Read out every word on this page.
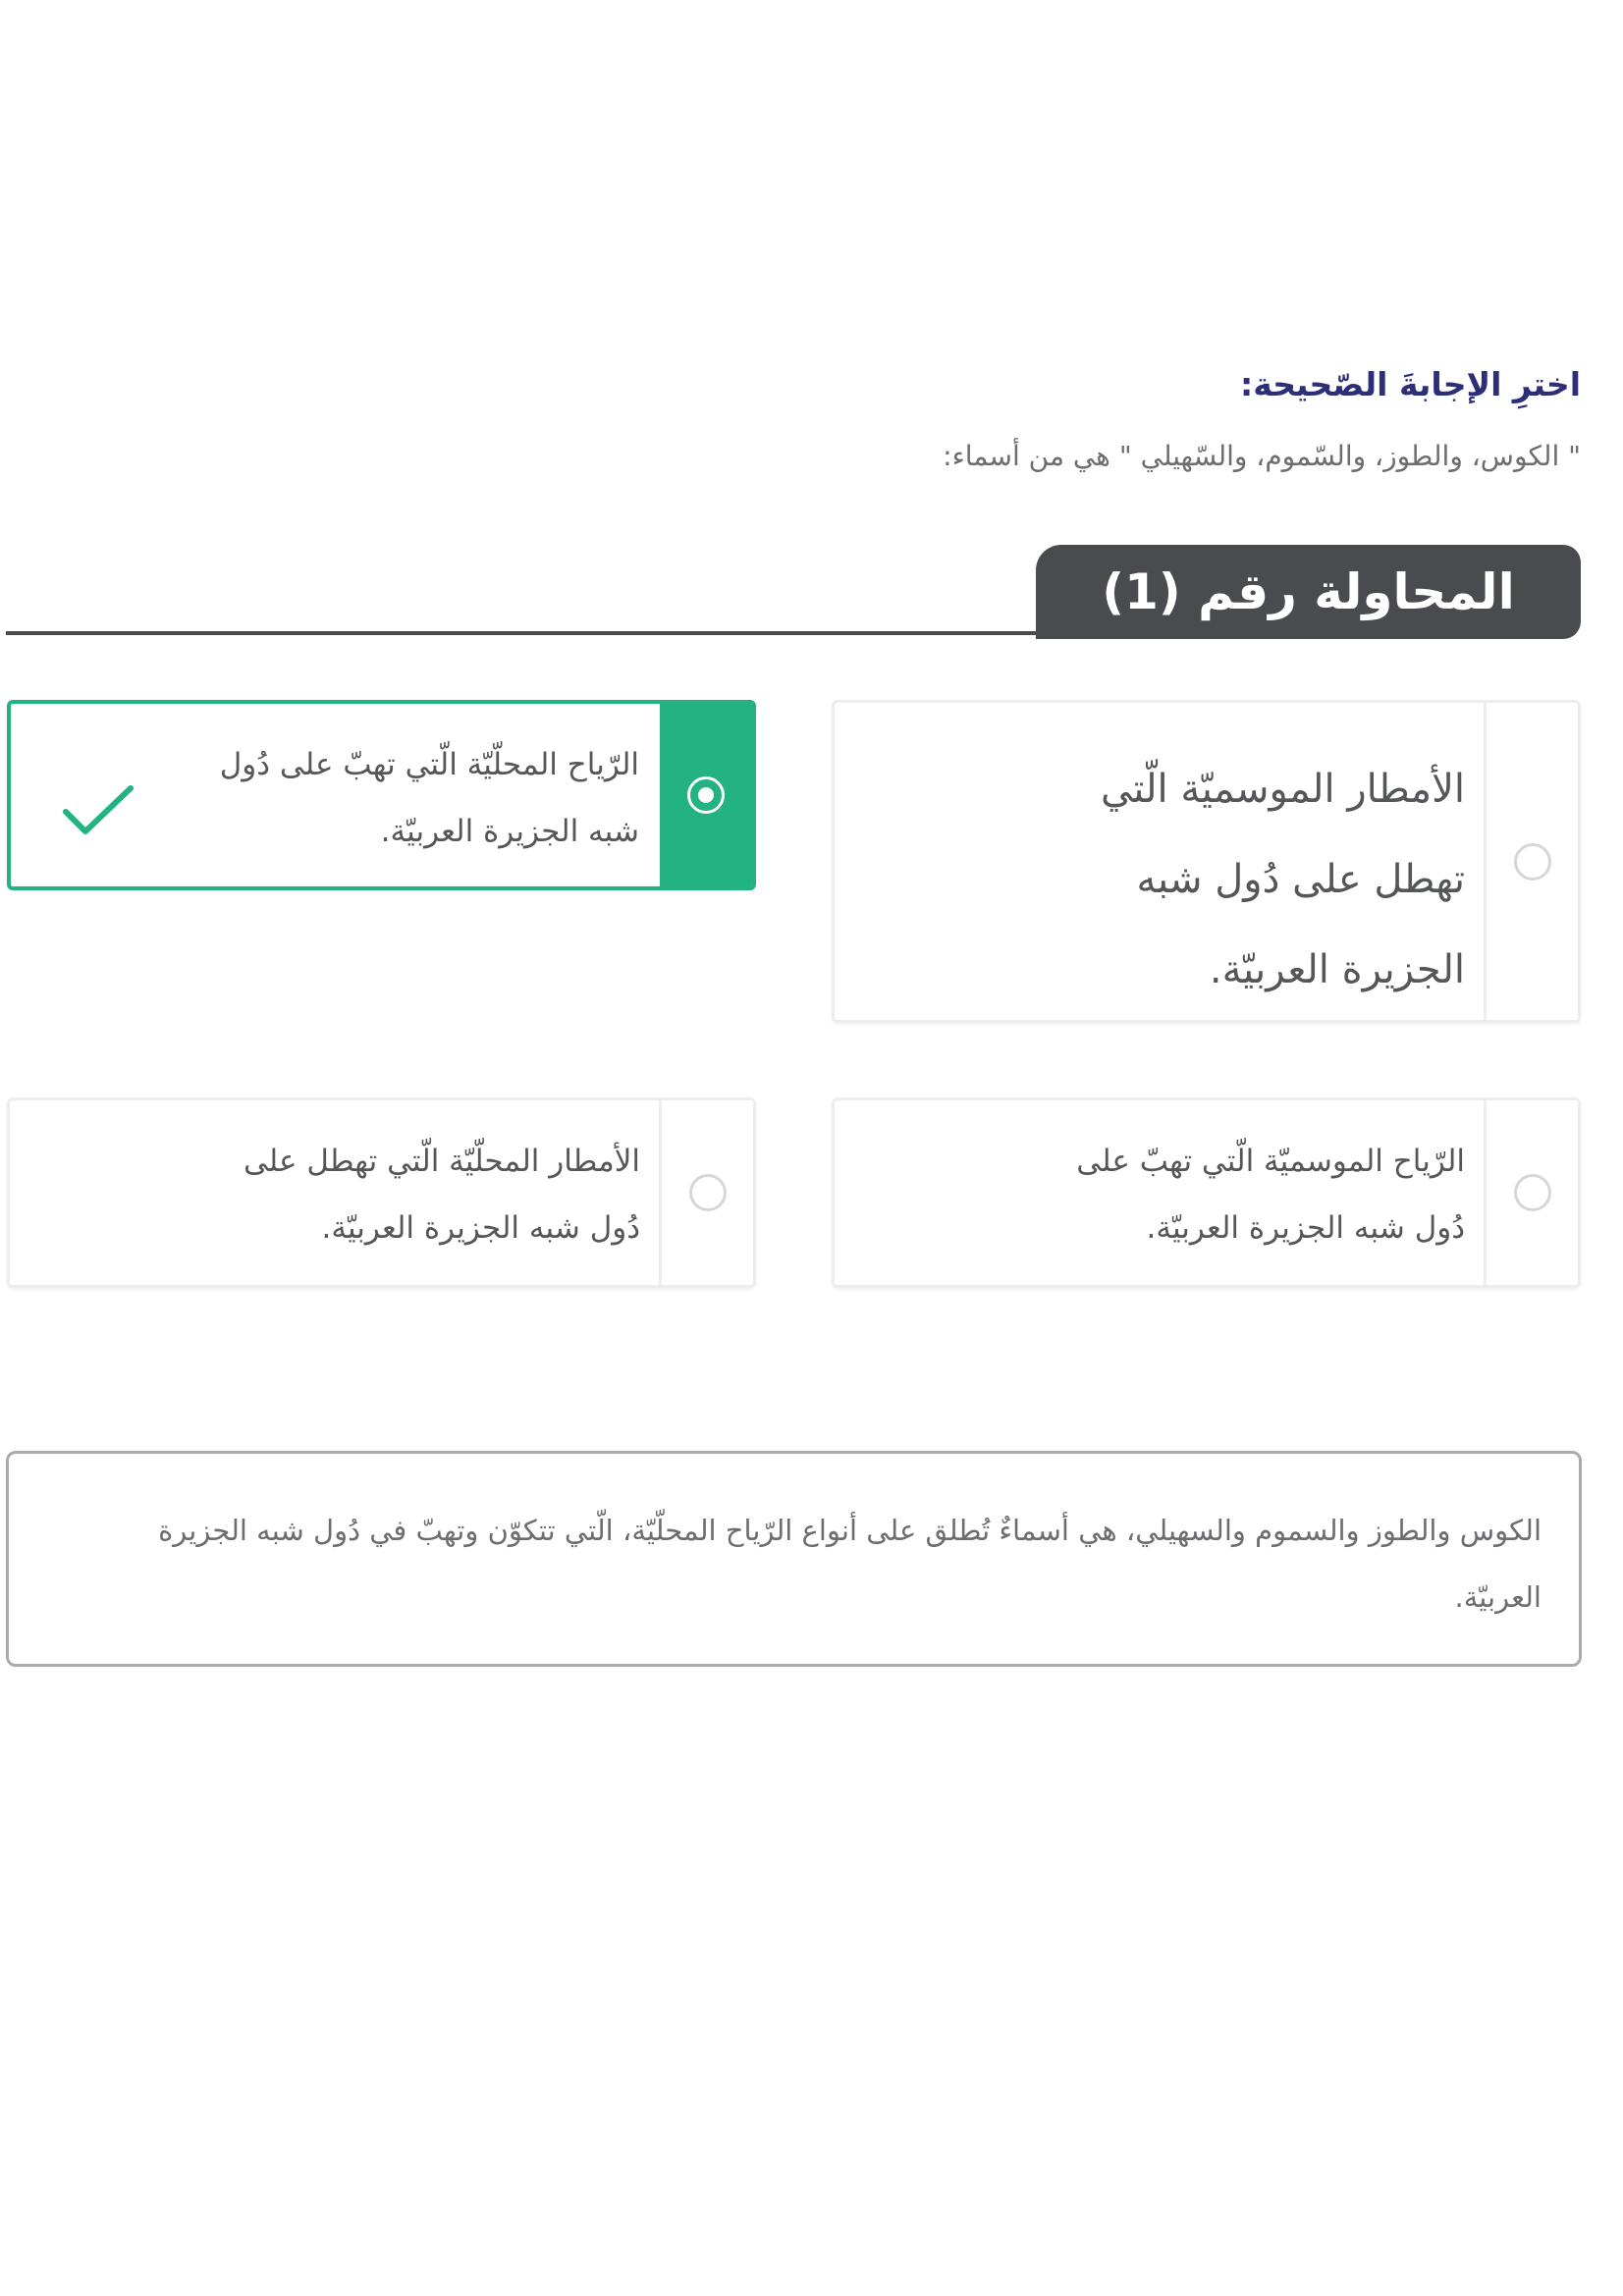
اخترِ الإجابةَ الصّحيحة:
" الكوس، والطوز، والسّموم، والسّهيلي " هي من أسماء:
المحاولة رقم (1)
الأمطار الموسميّة الّتي تهطل على دُول شبه الجزيرة العربيّة.
الرّياح المحلّيّة الّتي تهبّ على دُول شبه الجزيرة العربيّة.
الرّياح الموسميّة الّتي تهبّ على دُول شبه الجزيرة العربيّة.
الأمطار المحلّيّة الّتي تهطل على دُول شبه الجزيرة العربيّة.
الكوس والطوز والسموم والسهيلي، هي أسماءٌ تُطلق على أنواع الرّياح المحلّيّة، الّتي تتكوّن وتهبّ في دُول شبه الجزيرة العربيّة.
